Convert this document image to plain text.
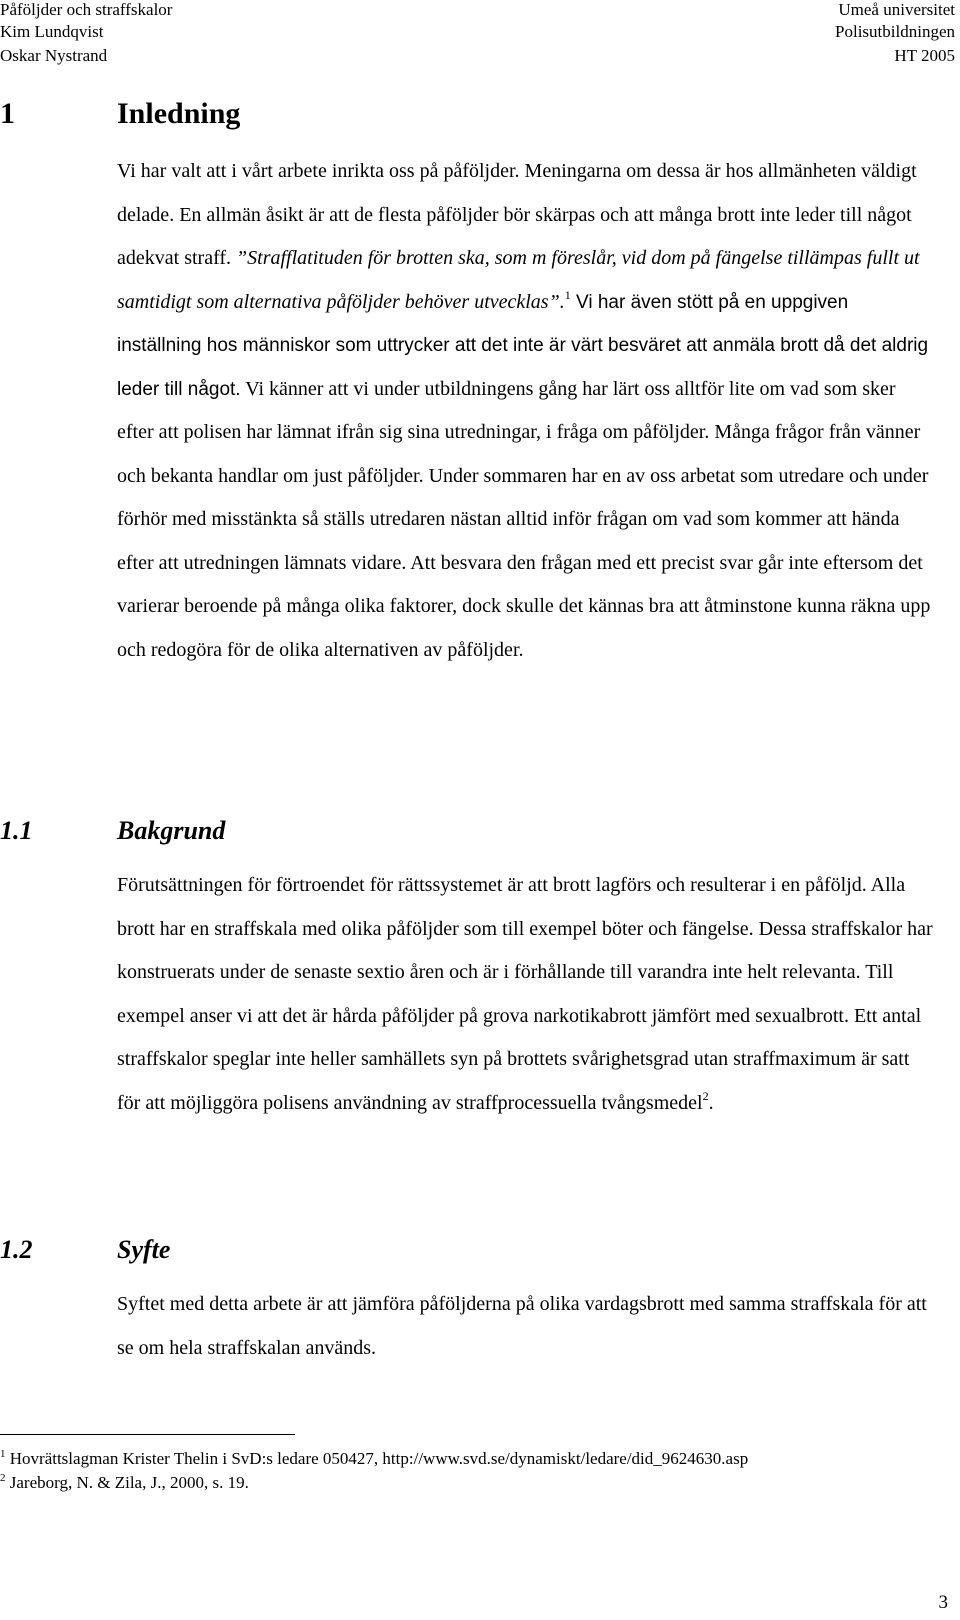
Påföljder och straffskalor
Kim Lundqvist
Oskar Nystrand
Umeå universitet
Polisutbildningen
HT 2005
1	Inledning

Vi har valt att i vårt arbete inrikta oss på påföljder. Meningarna om dessa är hos allmänheten väldigt delade. En allmän åsikt är att de flesta påföljder bör skärpas och att många brott inte leder till något adekvat straff. ”Strafflatituden för brotten ska, som m föreslår, vid dom på fängelse tillämpas fullt ut samtidigt som alternativa påföljder behöver utvecklas”.$^1$ Vi har även stött på en uppgiven inställning hos människor som uttrycker att det inte är värt besväret att anmäla brott då det aldrig leder till något. Vi känner att vi under utbildningens gång har lärt oss alltför lite om vad som sker efter att polisen har lämnat ifrån sig sina utredningar, i fråga om påföljder. Många frågor från vänner och bekanta handlar om just påföljder. Under sommaren har en av oss arbetat som utredare och under förhör med misstänkta så ställs utredaren nästan alltid inför frågan om vad som kommer att hända efter att utredningen lämnats vidare. Att besvara den frågan med ett precist svar går inte eftersom det varierar beroende på många olika faktorer, dock skulle det kännas bra att åtminstone kunna räkna upp och redogöra för de olika alternativen av påföljder.

1.1	Bakgrund

Förutsättningen för förtroendet för rättssystemet är att brott lagförs och resulterar i en påföljd. Alla brott har en straffskala med olika påföljder som till exempel böter och fängelse. Dessa straffskalor har konstruerats under de senaste sextio åren och är i förhållande till varandra inte helt relevanta. Till exempel anser vi att det är hårda påföljder på grova narkotikabrott jämfört med sexualbrott. Ett antal straffskalor speglar inte heller samhällets syn på brottets svårighetsgrad utan straffmaximum är satt för att möjliggöra polisens användning av straffprocessuella tvångsmedel$^2$.

1.2	Syfte

Syftet med detta arbete är att jämföra påföljderna på olika vardagsbrott med samma straffskala för att se om hela straffskalan används.

$^1$ Hovrättslagman Krister Thelin i SvD:s ledare 050427, http://www.svd.se/dynamiskt/ledare/did_9624630.asp
$^2$ Jareborg, N. & Zila, J., 2000, s. 19.
3
